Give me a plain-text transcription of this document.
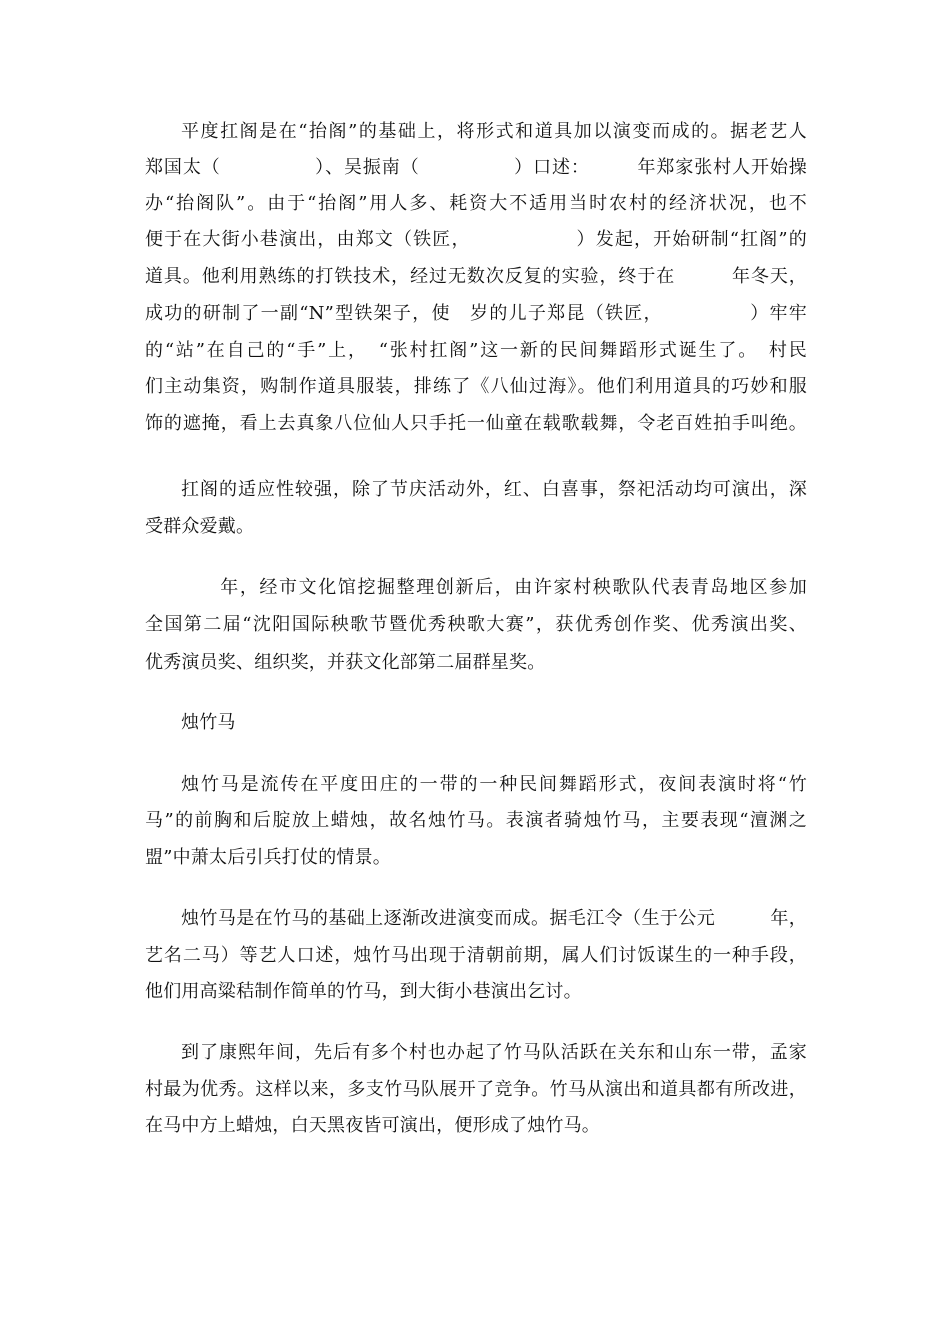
平度扛阁是在“抬阁”的基础上，将形式和道具加以演变而成的。据老艺人
郑国太（　　　　　）、吴振南（　　　　　）口述：　　　年郑家张村人开始操
办“抬阁队”。由于“抬阁”用人多、耗资大不适用当时农村的经济状况，也不
便于在大街小巷演出，由郑文（铁匠，　　　　　　）发起，开始研制“扛阁”的
道具。他利用熟练的打铁技术，经过无数次反复的实验，终于在　　　年冬天，
成功的研制了一副“N”型铁架子，使　岁的儿子郑昆（铁匠，　　　　　）牢牢
的“站”在自己的“手”上，　“张村扛阁”这一新的民间舞蹈形式诞生了。　村民
们主动集资，购制作道具服装，排练了《八仙过海》。他们利用道具的巧妙和服
饰的遮掩，看上去真象八位仙人只手托一仙童在载歌载舞，令老百姓拍手叫绝。
扛阁的适应性较强，除了节庆活动外，红、白喜事，祭祀活动均可演出，深
受群众爱戴。
　　年，经市文化馆挖掘整理创新后，由许家村秧歌队代表青岛地区参加
全国第二届“沈阳国际秧歌节暨优秀秧歌大赛”，获优秀创作奖、优秀演出奖、
优秀演员奖、组织奖，并获文化部第二届群星奖。
烛竹马
烛竹马是流传在平度田庄的一带的一种民间舞蹈形式，夜间表演时将“竹
马”的前胸和后腚放上蜡烛，故名烛竹马。表演者骑烛竹马，主要表现“澶渊之
盟”中萧太后引兵打仗的情景。
烛竹马是在竹马的基础上逐渐改进演变而成。据毛江令（生于公元　　　年，
艺名二马）等艺人口述，烛竹马出现于清朝前期，属人们讨饭谋生的一种手段，
他们用高粱秸制作简单的竹马，到大街小巷演出乞讨。
到了康熙年间，先后有多个村也办起了竹马队活跃在关东和山东一带，孟家
村最为优秀。这样以来，多支竹马队展开了竞争。竹马从演出和道具都有所改进，
在马中方上蜡烛，白天黑夜皆可演出，便形成了烛竹马。
